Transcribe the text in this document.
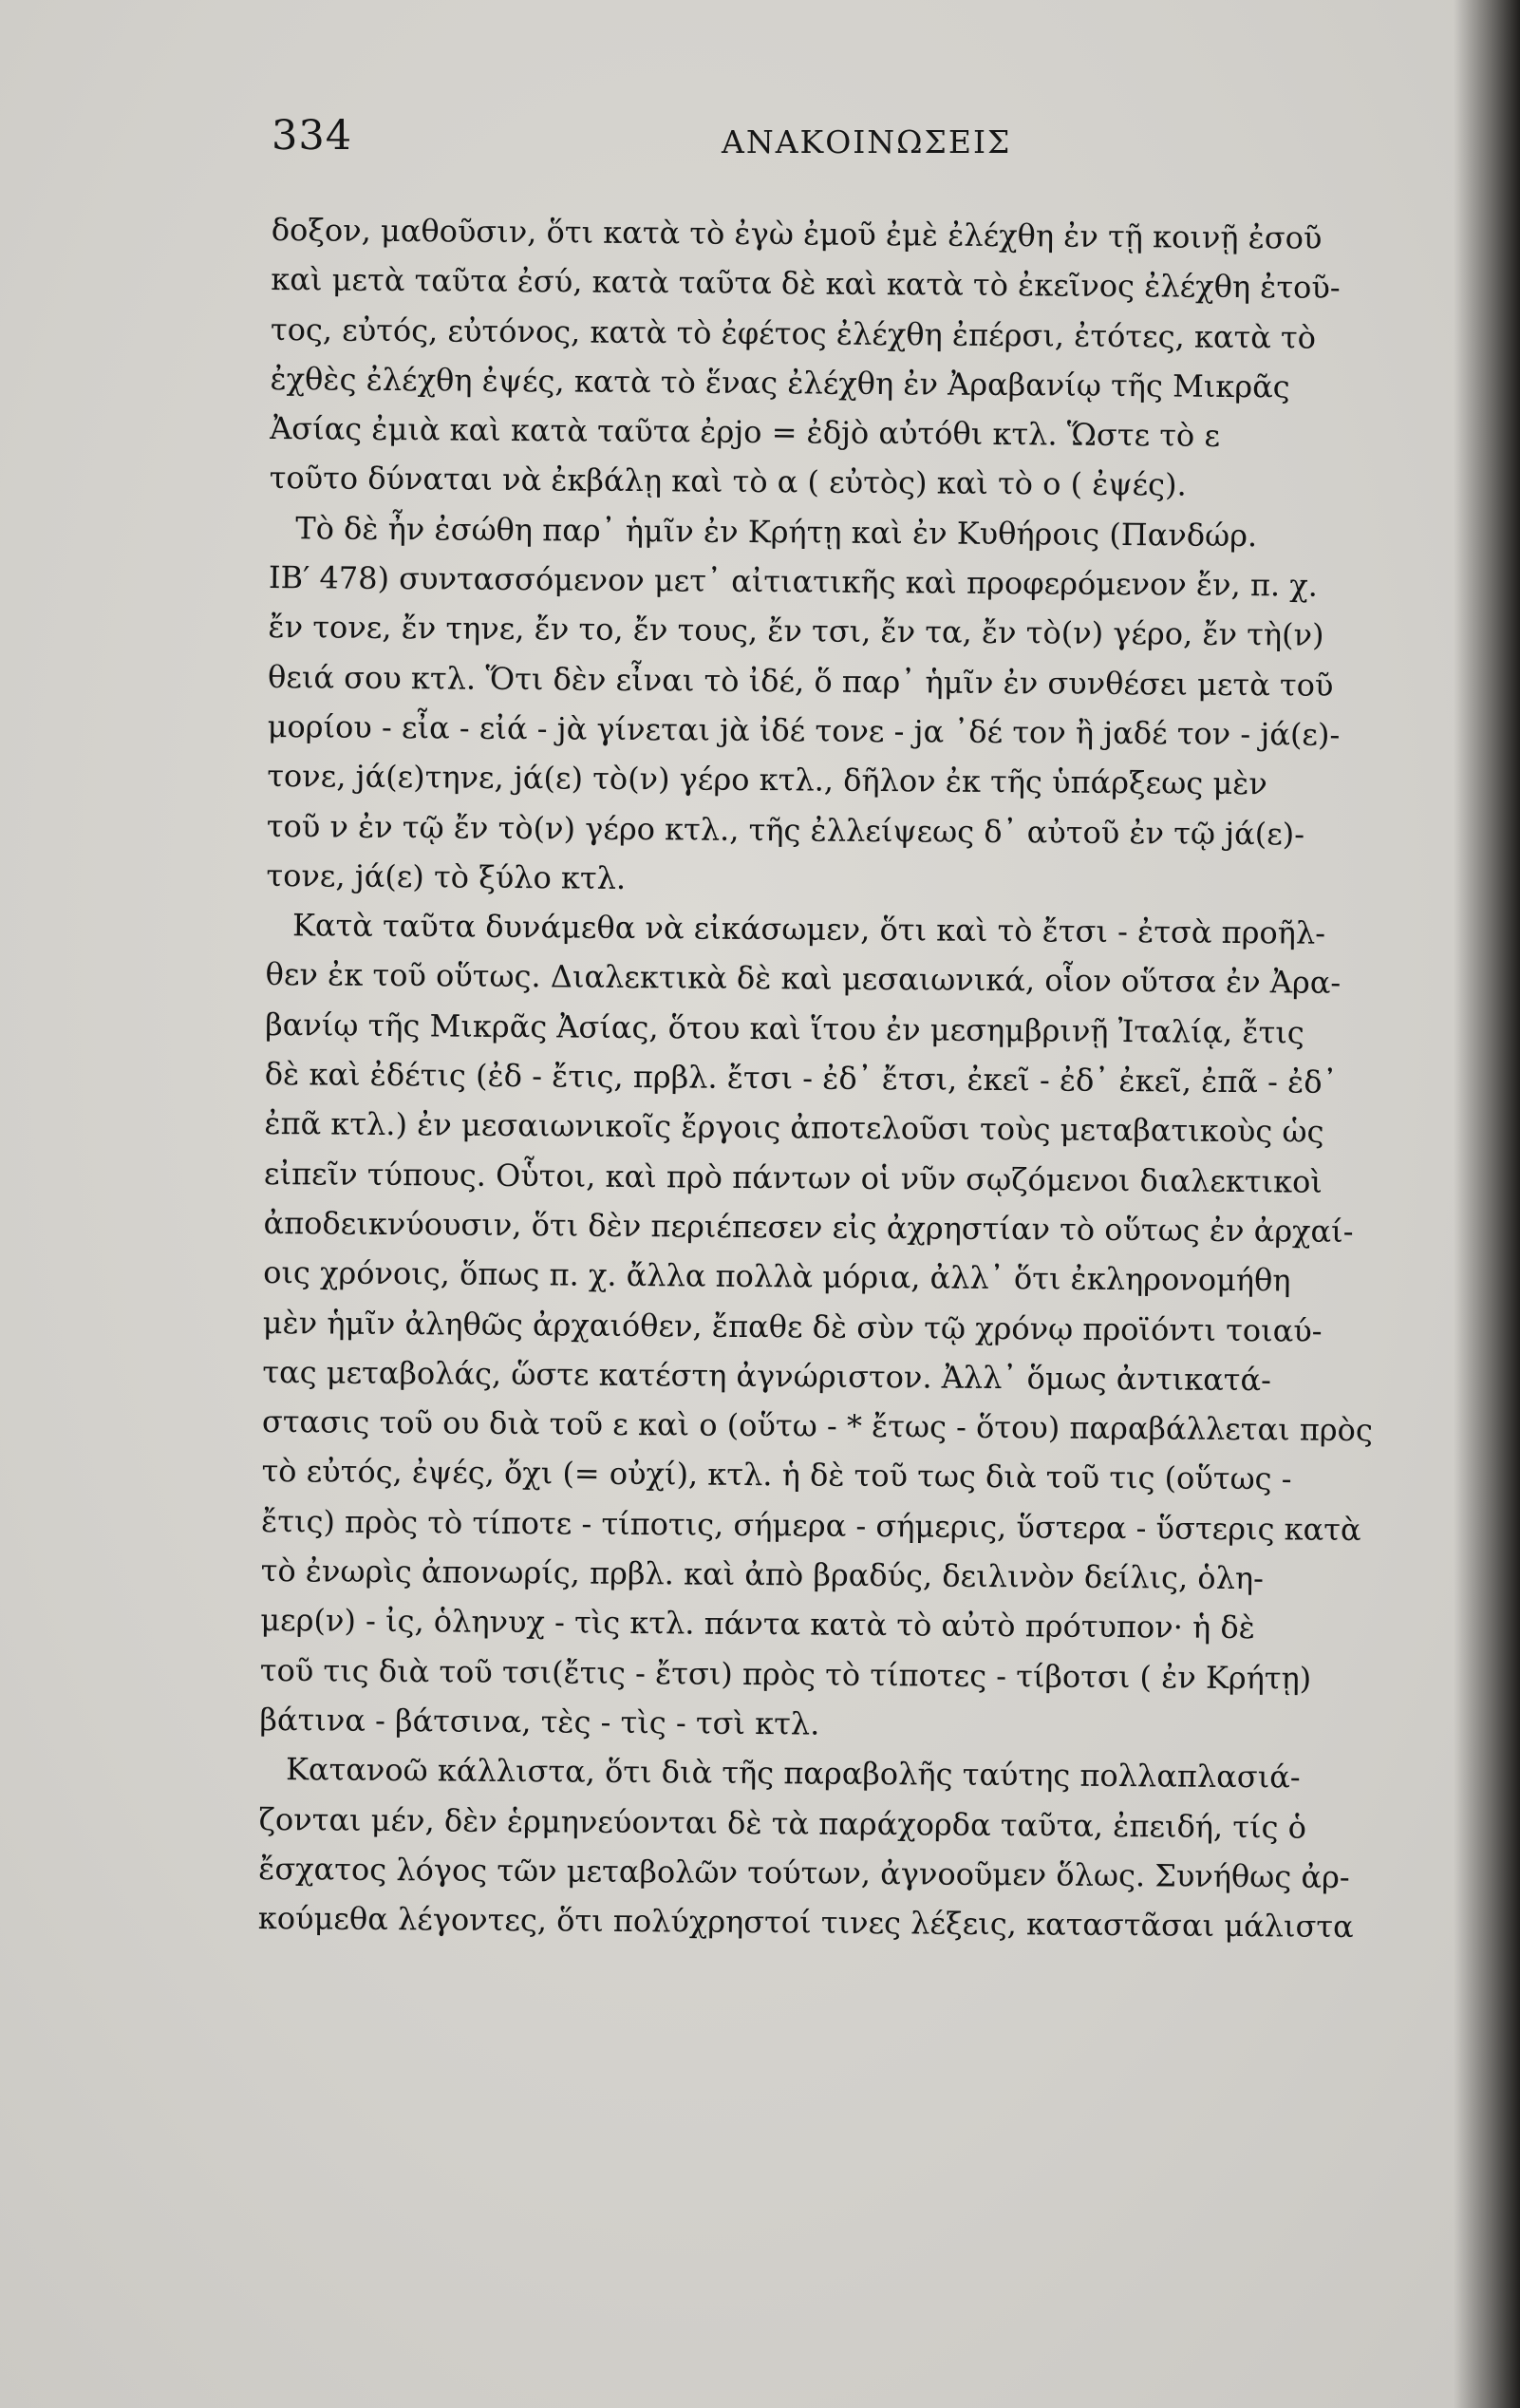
334	ΑΝΑΚΟΙΝΩΣΕΙΣ
δοξον, μαθοῦσιν, ὅτι κατὰ τὸ ἐγὼ ἐμοῦ ἐμὲ ἐλέχθη ἐν τῇ κοινῇ ἐσοῦ
καὶ μετὰ ταῦτα ἐσύ, κατὰ ταῦτα δὲ καὶ κατὰ τὸ ἐκεῖνος ἐλέχθη ἐτοῦ-
τος, εὐτός, εὐτόνος, κατὰ τὸ ἐφέτος ἐλέχθη ἐπέρσι, ἐτότες, κατὰ τὸ
ἐχθὲς ἐλέχθη ἐψές, κατὰ τὸ ἕνας ἐλέχθη ἐν Ἀραβανίῳ τῆς Μικρᾶς
Ἀσίας ἐμιὰ καὶ κατὰ ταῦτα ἐρjο = ἐδjὸ αὐτόθι κτλ. Ὥστε τὸ ε
τοῦτο δύναται νὰ ἐκβάλῃ καὶ τὸ α ( εὐτὸς) καὶ τὸ ο ( ἐψές).
Τὸ δὲ ἦν ἐσώθη παρ᾽ ἡμῖν ἐν Κρήτῃ καὶ ἐν Κυθήροις (Πανδώρ.
ΙΒ′ 478) συντασσόμενον μετ᾽ αἰτιατικῆς καὶ προφερόμενον ἔν, π. χ.
ἔν τονε, ἔν τηνε, ἔν το, ἔν τους, ἔν τσι, ἔν τα, ἔν τὸ(ν) γέρο, ἔν τὴ(ν)
θειά σου κτλ. Ὅτι δὲν εἶναι τὸ ἰδέ, ὅ παρ᾽ ἡμῖν ἐν συνθέσει μετὰ τοῦ
μορίου - εἶα - εἰά - jὰ γίνεται jὰ ἰδέ τονε - jα ᾽δέ τον ἢ jαδέ τον - jά(ε)-
τονε, jά(ε)τηνε, jά(ε) τὸ(ν) γέρο κτλ., δῆλον ἐκ τῆς ὑπάρξεως μὲν
τοῦ ν ἐν τῷ ἔν τὸ(ν) γέρο κτλ., τῆς ἐλλείψεως δ᾽ αὐτοῦ ἐν τῷ jά(ε)-
τονε, jά(ε) τὸ ξύλο κτλ.
Κατὰ ταῦτα δυνάμεθα νὰ εἰκάσωμεν, ὅτι καὶ τὸ ἔτσι - ἐτσὰ προῆλ-
θεν ἐκ τοῦ οὕτως. Διαλεκτικὰ δὲ καὶ μεσαιωνικά, οἷον οὕτσα ἐν Ἀρα-
βανίῳ τῆς Μικρᾶς Ἀσίας, ὅτου καὶ ἵτου ἐν μεσημβρινῇ Ἰταλίᾳ, ἔτις
δὲ καὶ ἐδέτις (ἐδ - ἔτις, πρβλ. ἔτσι - ἐδ᾽ ἔτσι, ἐκεῖ - ἐδ᾽ ἐκεῖ, ἐπᾶ - ἐδ᾽
ἐπᾶ κτλ.) ἐν μεσαιωνικοῖς ἔργοις ἀποτελοῦσι τοὺς μεταβατικοὺς ὡς
εἰπεῖν τύπους. Οὗτοι, καὶ πρὸ πάντων οἱ νῦν σῳζόμενοι διαλεκτικοὶ
ἀποδεικνύουσιν, ὅτι δὲν περιέπεσεν εἰς ἀχρηστίαν τὸ οὕτως ἐν ἀρχαί-
οις χρόνοις, ὅπως π. χ. ἄλλα πολλὰ μόρια, ἀλλ᾽ ὅτι ἐκληρονομήθη
μὲν ἡμῖν ἀληθῶς ἀρχαιόθεν, ἔπαθε δὲ σὺν τῷ χρόνῳ προϊόντι τοιαύ-
τας μεταβολάς, ὥστε κατέστη ἀγνώριστον. Ἀλλ᾽ ὅμως ἀντικατά-
στασις τοῦ ου διὰ τοῦ ε καὶ ο (οὕτω - * ἔτως - ὅτου) παραβάλλεται πρὸς
τὸ εὐτός, ἐψές, ὄχι (= οὐχί), κτλ. ἡ δὲ τοῦ τως διὰ τοῦ τις (οὕτως -
ἔτις) πρὸς τὸ τίποτε - τίποτις, σήμερα - σήμερις, ὕστερα - ὕστερις κατὰ
τὸ ἐνωρὶς ἀπονωρίς, πρβλ. καὶ ἀπὸ βραδύς, δειλινὸν δείλις, ὁλη-
μερ(ν) - ἰς, ὁληνυχ - τὶς κτλ. πάντα κατὰ τὸ αὐτὸ πρότυπον· ἡ δὲ
τοῦ τις διὰ τοῦ τσι(ἔτις - ἔτσι) πρὸς τὸ τίποτες - τίβοτσι ( ἐν Κρήτῃ)
βάτινα - βάτσινα, τὲς - τὶς - τσὶ κτλ.
Κατανοῶ κάλλιστα, ὅτι διὰ τῆς παραβολῆς ταύτης πολλαπλασιά-
ζονται μέν, δὲν ἑρμηνεύονται δὲ τὰ παράχορδα ταῦτα, ἐπειδή, τίς ὁ
ἔσχατος λόγος τῶν μεταβολῶν τούτων, ἀγνοοῦμεν ὅλως. Συνήθως ἀρ-
κούμεθα λέγοντες, ὅτι πολύχρηστοί τινες λέξεις, καταστᾶσαι μάλιστα
